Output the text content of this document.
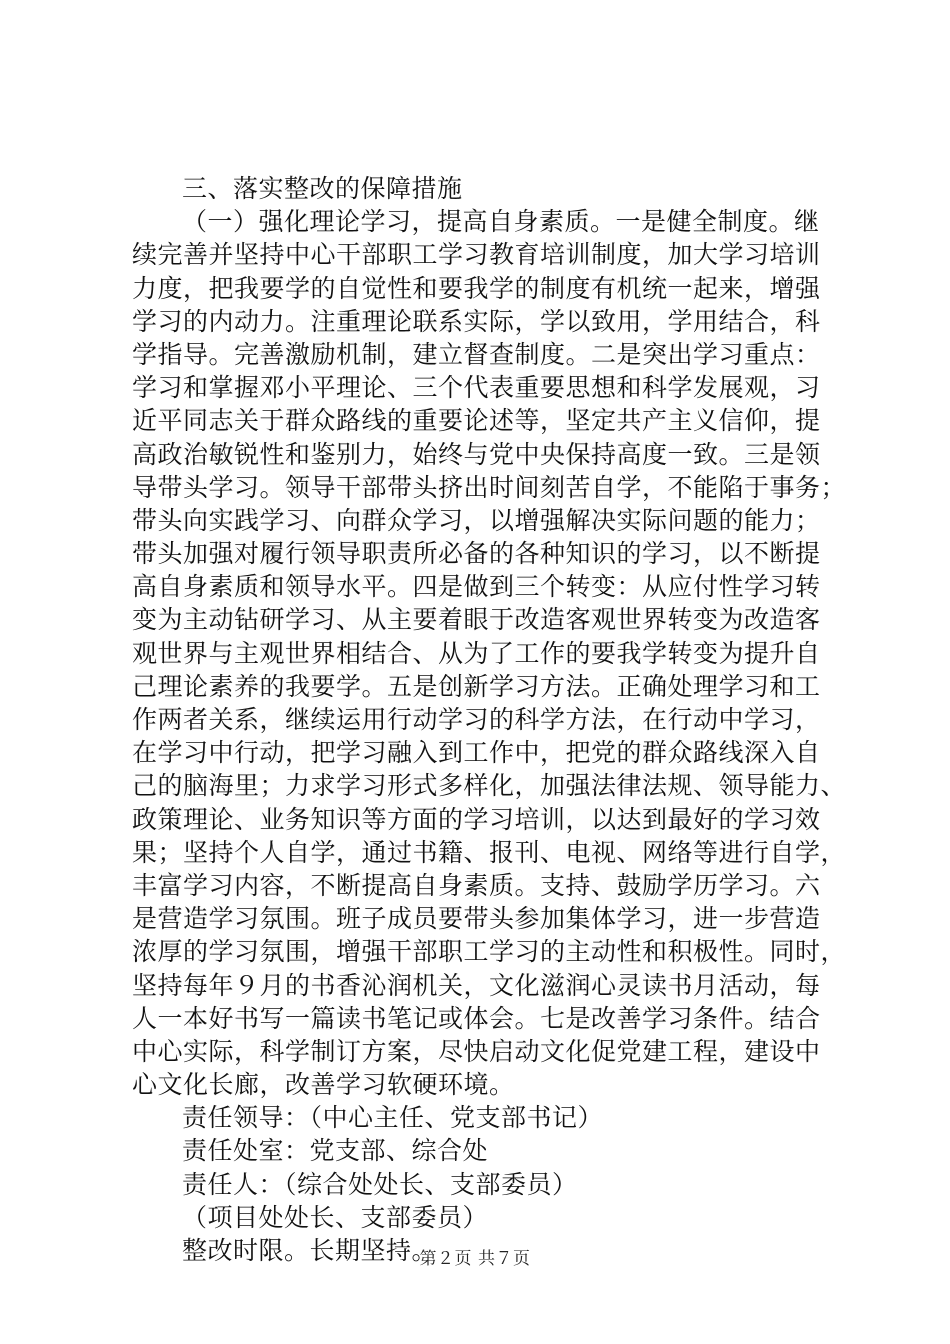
三、落实整改的保障措施
（一）强化理论学习，提高自身素质。一是健全制度。继
续完善并坚持中心干部职工学习教育培训制度，加大学习培训
力度，把我要学的自觉性和要我学的制度有机统一起来，增强
学习的内动力。注重理论联系实际，学以致用，学用结合，科
学指导。完善激励机制，建立督查制度。二是突出学习重点：
学习和掌握邓小平理论、三个代表重要思想和科学发展观，习
近平同志关于群众路线的重要论述等，坚定共产主义信仰，提
高政治敏锐性和鉴别力，始终与党中央保持高度一致。三是领
导带头学习。领导干部带头挤出时间刻苦自学，不能陷于事务；
带头向实践学习、向群众学习，以增强解决实际问题的能力；
带头加强对履行领导职责所必备的各种知识的学习，以不断提
高自身素质和领导水平。四是做到三个转变：从应付性学习转
变为主动钻研学习、从主要着眼于改造客观世界转变为改造客
观世界与主观世界相结合、从为了工作的要我学转变为提升自
己理论素养的我要学。五是创新学习方法。正确处理学习和工
作两者关系，继续运用行动学习的科学方法，在行动中学习，
在学习中行动，把学习融入到工作中，把党的群众路线深入自
己的脑海里；力求学习形式多样化，加强法律法规、领导能力、
政策理论、业务知识等方面的学习培训，以达到最好的学习效
果；坚持个人自学，通过书籍、报刊、电视、网络等进行自学，
丰富学习内容，不断提高自身素质。支持、鼓励学历学习。六
是营造学习氛围。班子成员要带头参加集体学习，进一步营造
浓厚的学习氛围，增强干部职工学习的主动性和积极性。同时，
坚持每年９月的书香沁润机关，文化滋润心灵读书月活动，每
人一本好书写一篇读书笔记或体会。七是改善学习条件。结合
中心实际，科学制订方案，尽快启动文化促党建工程，建设中
心文化长廊，改善学习软硬环境。
责任领导：（中心主任、党支部书记）
责任处室：党支部、综合处
责任人：（综合处处长、支部委员）
（项目处处长、支部委员）
整改时限。长期坚持。
第２页 共７页
